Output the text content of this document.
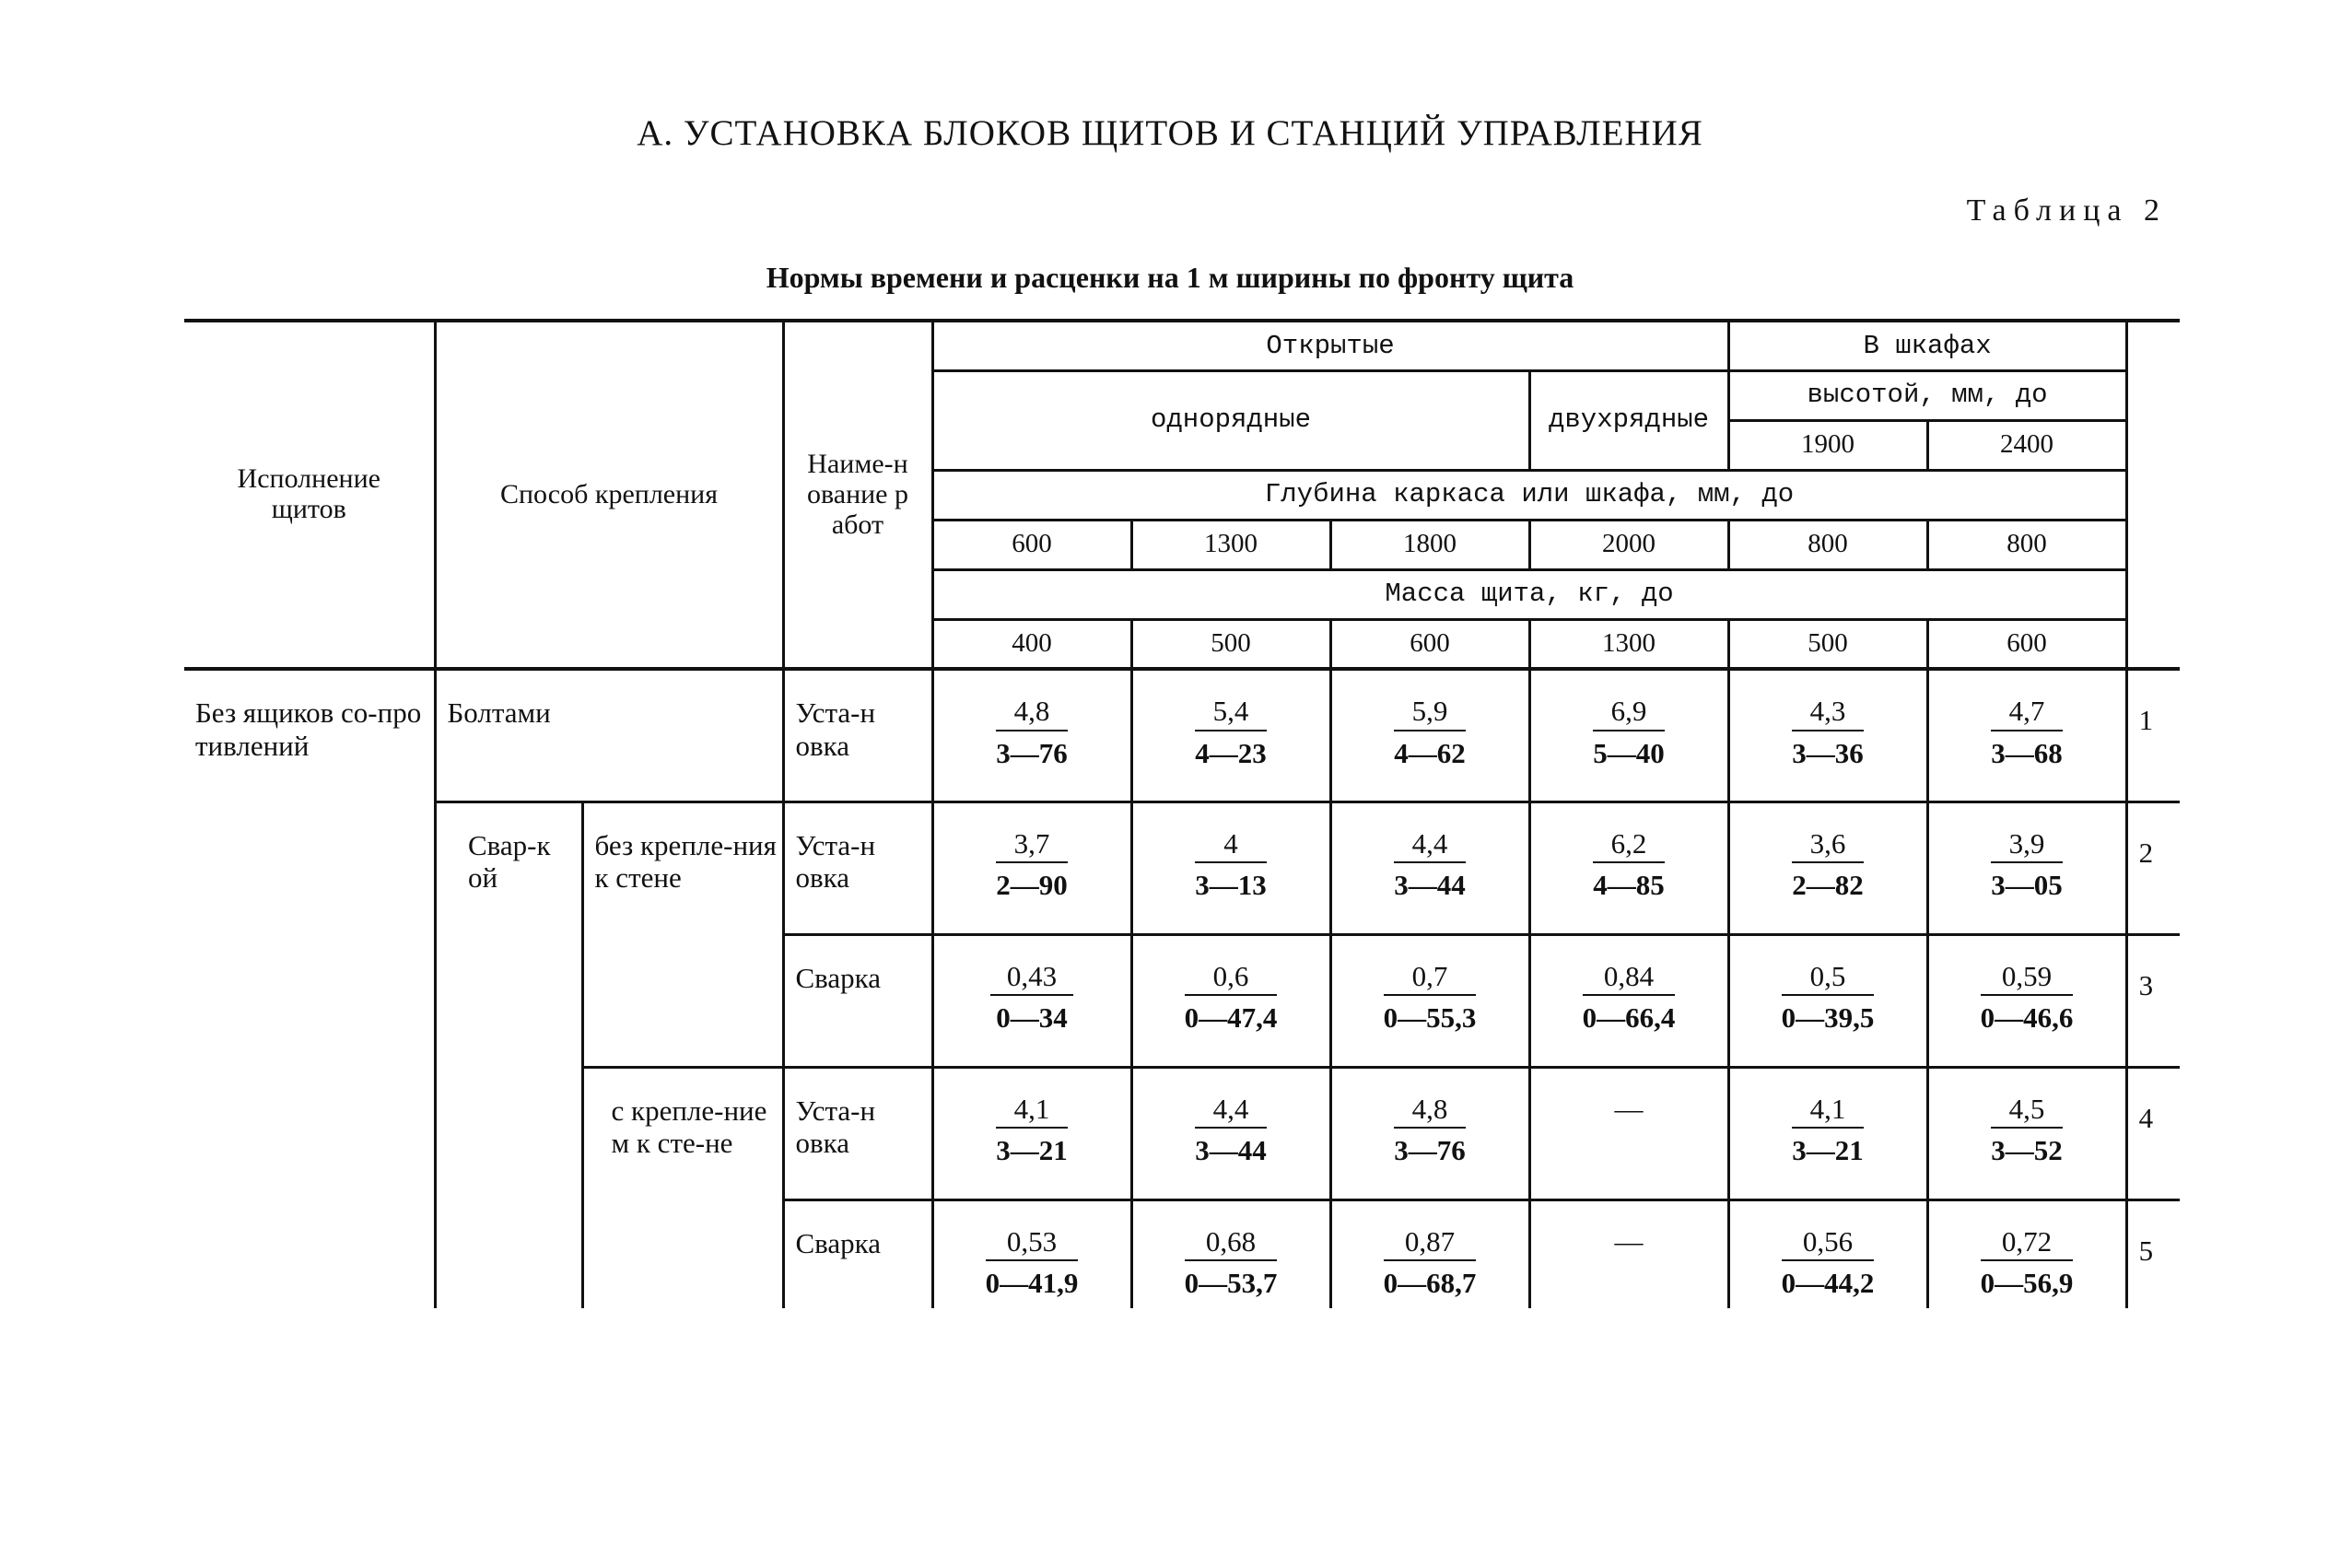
А. УСТАНОВКА БЛОКОВ ЩИТОВ И СТАНЦИЙ УПРАВЛЕНИЯ
Таблица 2
Нормы времени и расценки на 1 м ширины по фронту щита
Исполнение щитов	Способ крепления		Наиме-нование работ	Открытые				В шкафах		
				однорядные			двухрядные	высотой, мм, до		
								1900	2400	
				Глубина каркаса или шкафа, мм, до						
				600	1300	1800	2000	800	800	
				Масса щита, кг, до						
				400	500	600	1300	500	600	
Без ящиков со-противлений	Болтами		Уста-новка	$\frac{4,8}{3—76}$	$\frac{5,4}{4—23}$	$\frac{5,9}{4—62}$	$\frac{6,9}{5—40}$	$\frac{4,3}{3—36}$	$\frac{4,7}{3—68}$	1
	Свар-кой	без крепле-ния к стене	Уста-новка	$\frac{3,7}{2—90}$	$\frac{4}{3—13}$	$\frac{4,4}{3—44}$	$\frac{6,2}{4—85}$	$\frac{3,6}{2—82}$	$\frac{3,9}{3—05}$	2
			Сварка	$\frac{0,43}{0—34}$	$\frac{0,6}{0—47,4}$	$\frac{0,7}{0—55,3}$	$\frac{0,84}{0—66,4}$	$\frac{0,5}{0—39,5}$	$\frac{0,59}{0—46,6}$	3
		с крепле-нием к сте-не	Уста-новка	$\frac{4,1}{3—21}$	$\frac{4,4}{3—44}$	$\frac{4,8}{3—76}$	—	$\frac{4,1}{3—21}$	$\frac{4,5}{3—52}$	4
			Сварка	$\frac{0,53}{0—41,9}$	$\frac{0,68}{0—53,7}$	$\frac{0,87}{0—68,7}$	—	$\frac{0,56}{0—44,2}$	$\frac{0,72}{0—56,9}$	5
